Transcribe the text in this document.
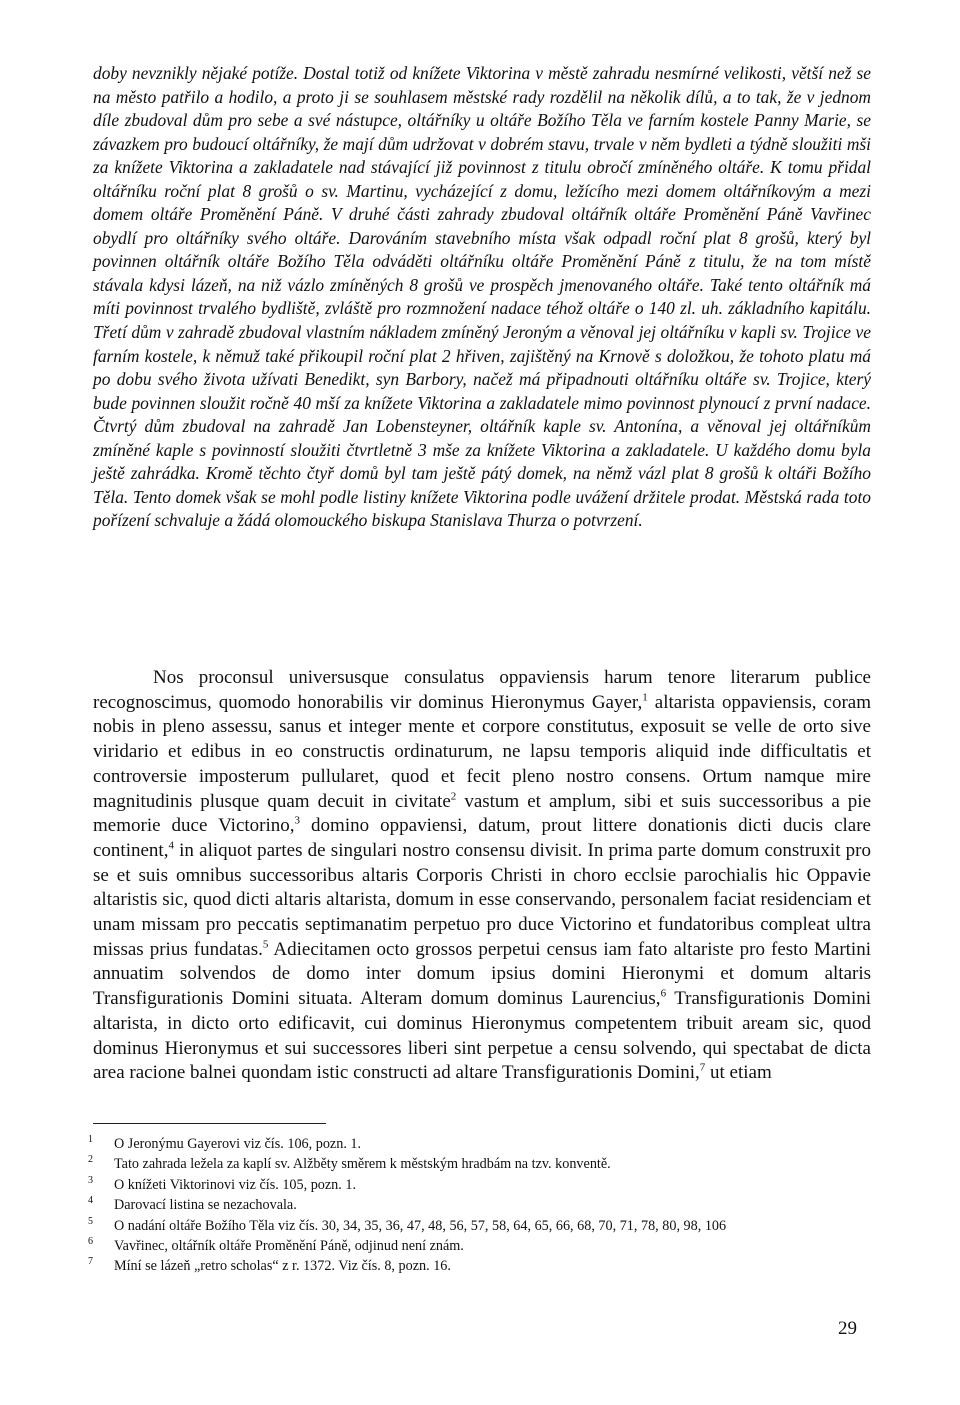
doby nevznikly nějaké potíže. Dostal totiž od knížete Viktorina v městě zahradu nesmírné velikosti, větší než se na město patřilo a hodilo, a proto ji se souhlasem městské rady rozdělil na několik dílů, a to tak, že v jednom díle zbudoval dům pro sebe a své nástupce, oltářníky u oltáře Božího Těla ve farním kostele Panny Marie, se závazkem pro budoucí oltářníky, že mají dům udržovat v dobrém stavu, trvale v něm bydleti a týdně sloužiti mši za knížete Viktorina a zakladatele nad stávající již povinnost z titulu obročí zmíněného oltáře. K tomu přidal oltářníku roční plat 8 grošů o sv. Martinu, vycházející z domu, ležícího mezi domem oltářníkovým a mezi domem oltáře Proměnění Páně. V druhé části zahrady zbudoval oltářník oltáře Proměnění Páně Vavřinec obydlí pro oltářníky svého oltáře. Darováním stavebního místa však odpadl roční plat 8 grošů, který byl povinnen oltářník oltáře Božího Těla odváděti oltářníku oltáře Proměnění Páně z titulu, že na tom místě stávala kdysi lázeň, na niž vázlo zmíněných 8 grošů ve prospěch jmenovaného oltáře. Také tento oltářník má míti povinnost trvalého bydliště, zvláště pro rozmnožení nadace téhož oltáře o 140 zl. uh. základního kapitálu. Třetí dům v zahradě zbudoval vlastním nákladem zmíněný Jeroným a věnoval jej oltářníku v kapli sv. Trojice ve farním kostele, k němuž také přikoupil roční plat 2 hřiven, zajištěný na Krnově s doložkou, že tohoto platu má po dobu svého života užívati Benedikt, syn Barbory, načež má připadnouti oltářníku oltáře sv. Trojice, který bude povinnen sloužit ročně 40 mší za knížete Viktorina a zakladatele mimo povinnost plynoucí z první nadace. Čtvrtý dům zbudoval na zahradě Jan Lobensteyner, oltářník kaple sv. Antonína, a věnoval jej oltářníkům zmíněné kaple s povinností sloužiti čtvrtletně 3 mše za knížete Viktorina a zakladatele. U každého domu byla ještě zahrádka. Kromě těchto čtyř domů byl tam ještě pátý domek, na němž vázl plat 8 grošů k oltáři Božího Těla. Tento domek však se mohl podle listiny knížete Viktorina podle uvážení držitele prodat. Městská rada toto pořízení schvaluje a žádá olomouckého biskupa Stanislava Thurza o potvrzení.

Nos proconsul universusque consulatus oppaviensis harum tenore literarum publice recognoscimus, quomodo honorabilis vir dominus Hieronymus Gayer,$^1$ altarista oppaviensis, coram nobis in pleno assessu, sanus et integer mente et corpore constitutus, exposuit se velle de orto sive viridario et edibus in eo constructis ordinaturum, ne lapsu temporis aliquid inde difficultatis et controversie imposterum pullularet, quod et fecit pleno nostro consens. Ortum namque mire magnitudinis plusque quam decuit in civitate$^2$ vastum et amplum, sibi et suis successoribus a pie memorie duce Victorino,$^3$ domino oppaviensi, datum, prout littere donationis dicti ducis clare continent,$^4$ in aliquot partes de singulari nostro consensu divisit. In prima parte domum construxit pro se et suis omnibus successoribus altaris Corporis Christi in choro ecclsie parochialis hic Oppavie altaristis sic, quod dicti altaris altarista, domum in esse conservando, personalem faciat residenciam et unam missam pro peccatis septimanatim perpetuo pro duce Victorino et fundatoribus compleat ultra missas prius fundatas.$^5$ Adiecitamen octo grossos perpetui census iam fato altariste pro festo Martini annuatim solvendos de domo inter domum ipsius domini Hieronymi et domum altaris Transfigurationis Domini situata. Alteram domum dominus Laurencius,$^6$ Transfigurationis Domini altarista, in dicto orto edificavit, cui dominus Hieronymus competentem tribuit aream sic, quod dominus Hieronymus et sui successores liberi sint perpetue a censu solvendo, qui spectabat de dicta area racione balnei quondam istic constructi ad altare Transfigurationis Domini,$^7$ ut etiam

1 O Jeronýmu Gayerovi viz čís. 106, pozn. 1.
2 Tato zahrada ležela za kaplí sv. Alžběty směrem k městským hradbám na tzv. konventě.
3 O knížeti Viktorinovi viz čís. 105, pozn. 1.
4 Darovací listina se nezachovala.
5 O nadání oltáře Božího Těla viz čís. 30, 34, 35, 36, 47, 48, 56, 57, 58, 64, 65, 66, 68, 70, 71, 78, 80, 98, 106
6 Vavřinec, oltářník oltáře Proměnění Páně, odjinud není znám.
7 Míní se lázeň „retro scholas“ z r. 1372. Viz čís. 8, pozn. 16.
29
